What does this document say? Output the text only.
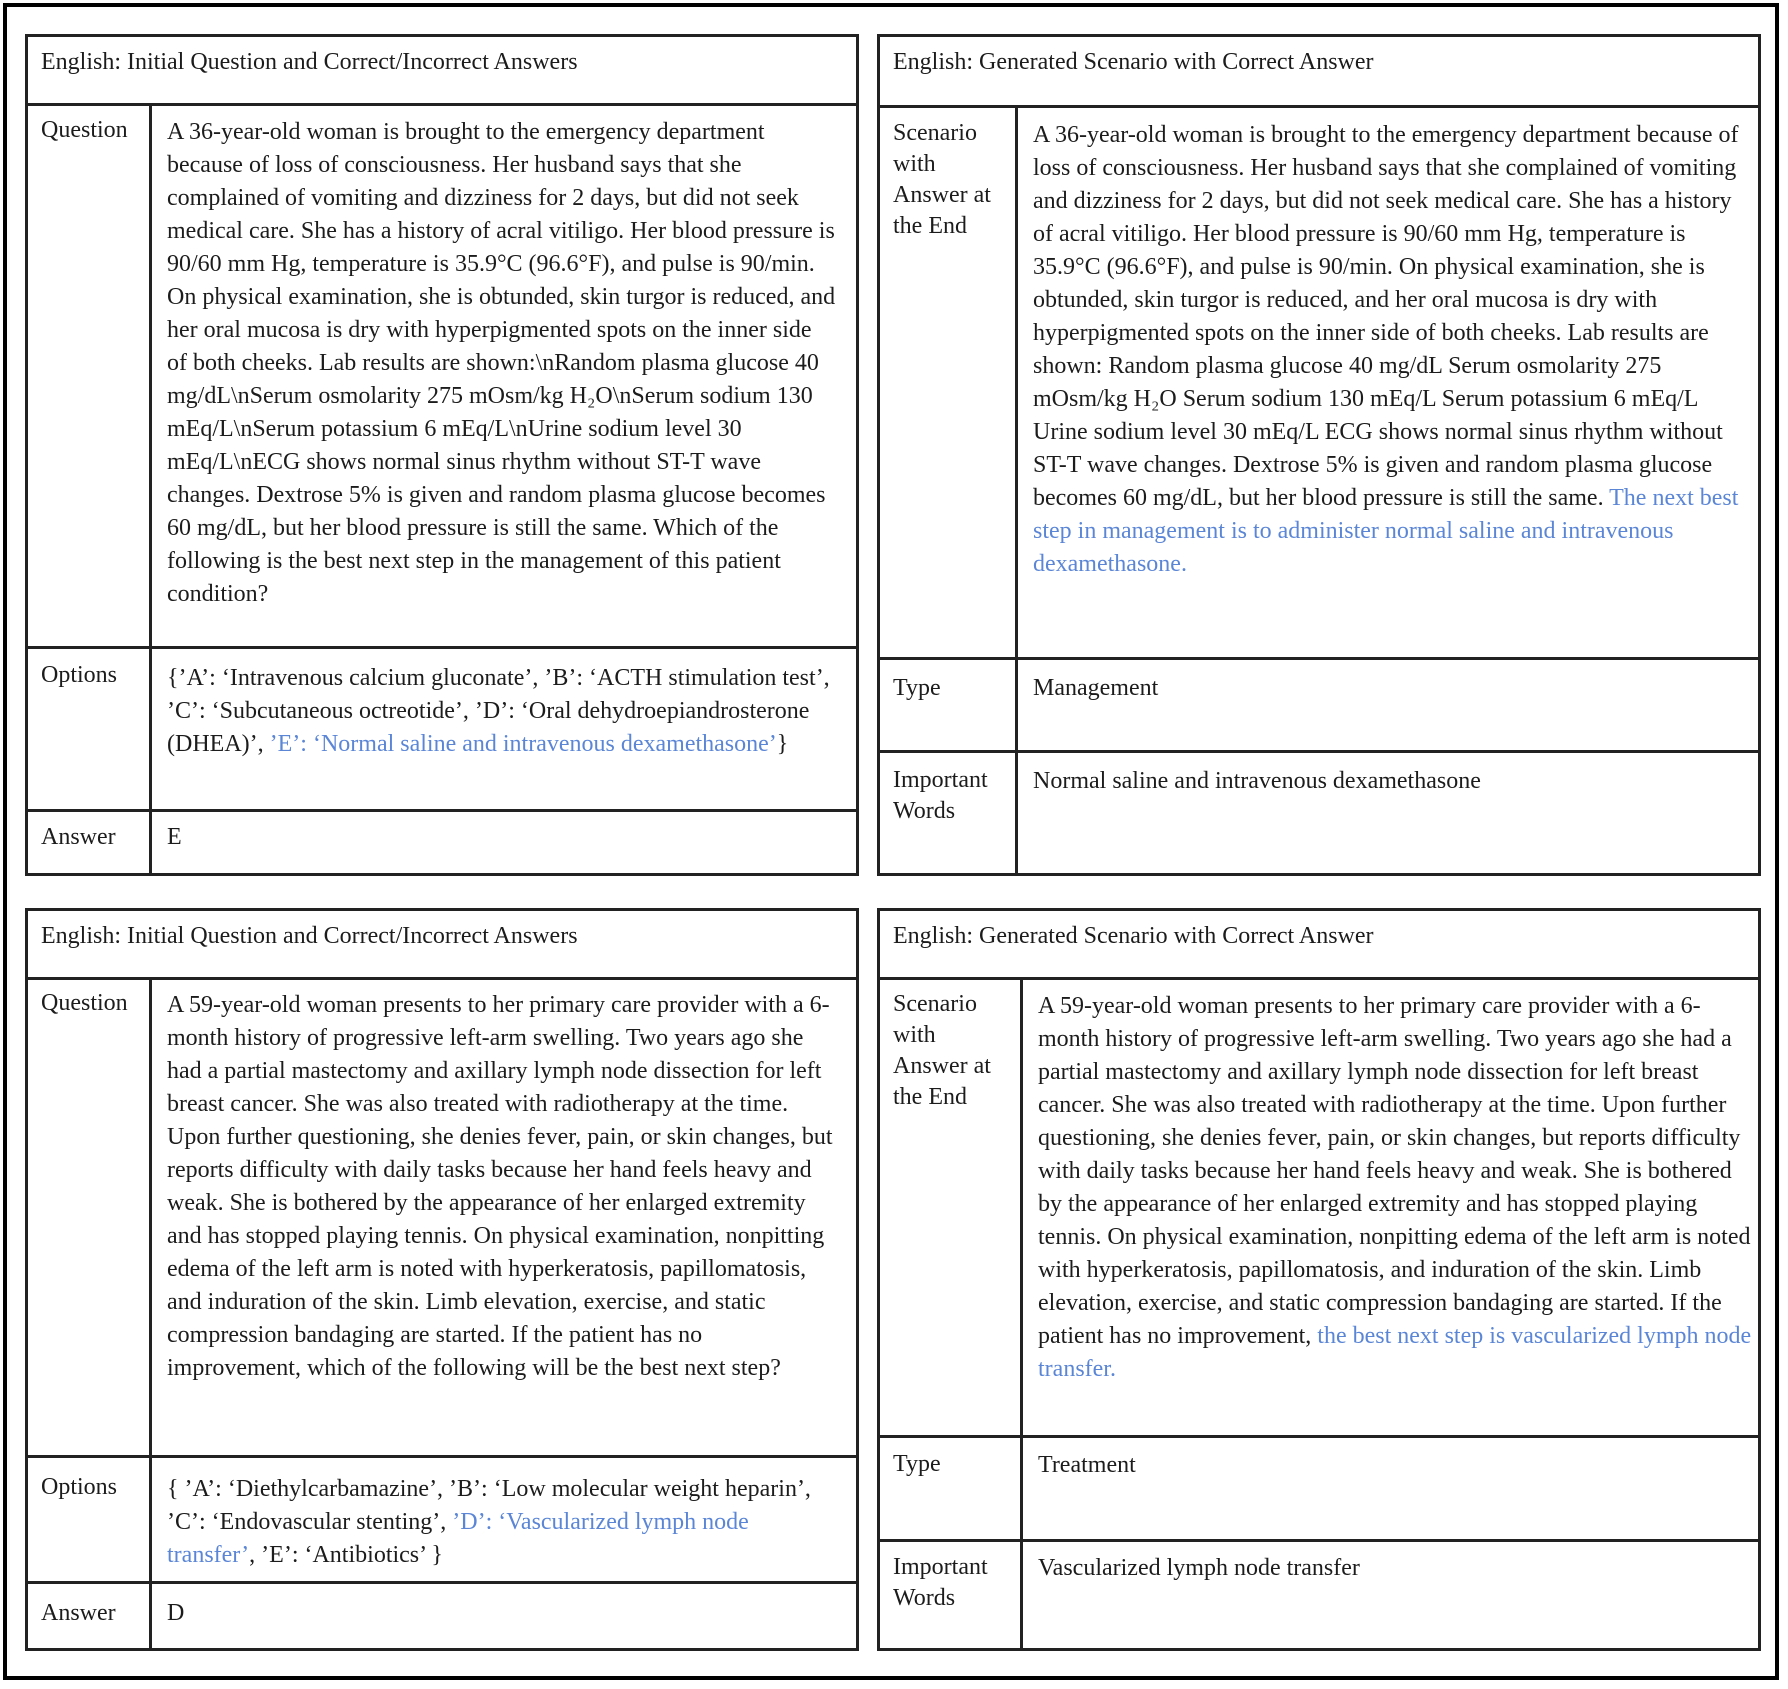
English: Initial Question and Correct/Incorrect Answers
Question A 36-year-old woman is brought to the emergency department because of loss of consciousness. Her husband says that she complained of vomiting and dizziness for 2 days, but did not seek medical care. She has a history of acral vitiligo. Her blood pressure is 90/60 mm Hg, temperature is 35.9°C (96.6°F), and pulse is 90/min. On physical examination, she is obtunded, skin turgor is reduced, and her oral mucosa is dry with hyperpigmented spots on the inner side of both cheeks. Lab results are shown:\nRandom plasma glucose 40 mg/dL\nSerum osmolarity 275 mOsm/kg H₂O\nSerum sodium 130 mEq/L\nSerum potassium 6 mEq/L\nUrine sodium level 30 mEq/L\nECG shows normal sinus rhythm without ST-T wave changes. Dextrose 5% is given and random plasma glucose becomes 60 mg/dL, but her blood pressure is still the same. Which of the following is the best next step in the management of this patient condition?
Options {’A’: ‘Intravenous calcium gluconate’, ’B’: ‘ACTH stimulation test’, ’C’: ‘Subcutaneous octreotide’, ’D’: ‘Oral dehydroepiandrosterone (DHEA)’, ’E’: ‘Normal saline and intravenous dexamethasone’}
Answer E
English: Generated Scenario with Correct Answer
Scenario with Answer at the End
A 36-year-old woman is brought to the emergency department because of loss of consciousness. Her husband says that she complained of vomiting and dizziness for 2 days, but did not seek medical care. She has a history of acral vitiligo. Her blood pressure is 90/60 mm Hg, temperature is 35.9°C (96.6°F), and pulse is 90/min. On physical examination, she is obtunded, skin turgor is reduced, and her oral mucosa is dry with hyperpigmented spots on the inner side of both cheeks. Lab results are shown: Random plasma glucose 40 mg/dL Serum osmolarity 275 mOsm/kg H₂O Serum sodium 130 mEq/L Serum potassium 6 mEq/L Urine sodium level 30 mEq/L ECG shows normal sinus rhythm without ST-T wave changes. Dextrose 5% is given and random plasma glucose becomes 60 mg/dL, but her blood pressure is still the same. The next best step in management is to administer normal saline and intravenous dexamethasone.
Type	Management
Important Words
Normal saline and intravenous dexamethasone
English: Initial Question and Correct/Incorrect Answers
Question A 59-year-old woman presents to her primary care provider with a 6-month history of progressive left-arm swelling. Two years ago she had a partial mastectomy and axillary lymph node dissection for left breast cancer. She was also treated with radiotherapy at the time. Upon further questioning, she denies fever, pain, or skin changes, but reports difficulty with daily tasks because her hand feels heavy and weak. She is bothered by the appearance of her enlarged extremity and has stopped playing tennis. On physical examination, nonpitting edema of the left arm is noted with hyperkeratosis, papillomatosis, and induration of the skin. Limb elevation, exercise, and static compression bandaging are started. If the patient has no improvement, which of the following will be the best next step?
Options { ’A’: ‘Diethylcarbamazine’, ’B’: ‘Low molecular weight heparin’, ’C’: ‘Endovascular stenting’, ’D’: ‘Vascularized lymph node transfer’, ’E’: ‘Antibiotics’ }
Answer D
English: Generated Scenario with Correct Answer
Scenario with Answer at the End
A 59-year-old woman presents to her primary care provider with a 6-month history of progressive left-arm swelling. Two years ago she had a partial mastectomy and axillary lymph node dissection for left breast cancer. She was also treated with radiotherapy at the time. Upon further questioning, she denies fever, pain, or skin changes, but reports difficulty with daily tasks because her hand feels heavy and weak. She is bothered by the appearance of her enlarged extremity and has stopped playing tennis. On physical examination, nonpitting edema of the left arm is noted with hyperkeratosis, papillomatosis, and induration of the skin. Limb elevation, exercise, and static compression bandaging are started. If the patient has no improvement, the best next step is vascularized lymph node transfer.
Type	Treatment
Important Words
Vascularized lymph node transfer
